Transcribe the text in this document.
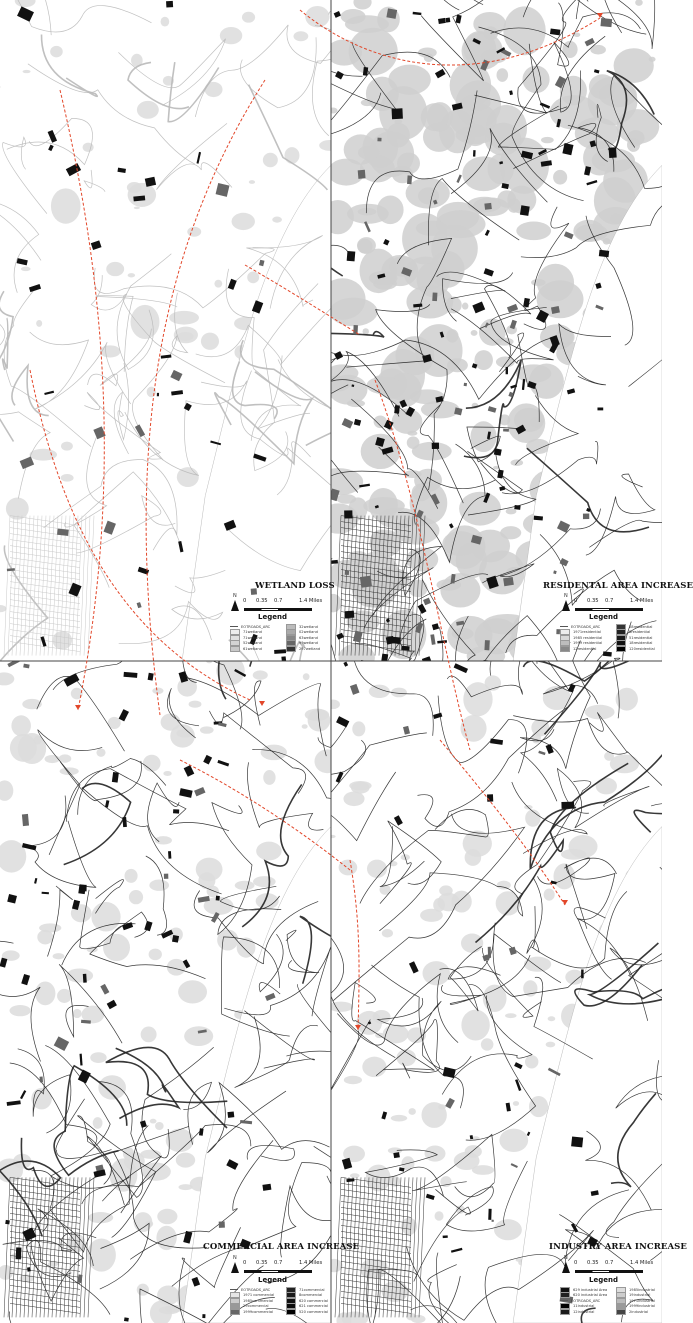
WETLAND LOSS
N
0 0.35 0.7	1.4 Miles
Legend
EOTROADS_ARC
71wetland
71wetland
52wetland
61wetland
32wetland
02wetland
63wetland
99wetland
297wetland
RESIDENTAL AREA INCREASE
N
0 0.35 0.7	1.4 Miles
Legend
EOTROADS_ARC
1971residential
1985 residential
1999 residential
12residential
28residential
8residential
51residential
18residential
120residential
COMMERCIAL AREA INCREASE
N
0 0.35 0.7	1.4 Miles
Legend
EOTROADS_ARC
1971 commercial
1985commercial
29commercial
1999commercial
71commercial
8commercial
620 commercial
621 commercial
520 commercial
INDUSTRY AREA INCREASE
N
0 0.35 0.7	1.4 Miles
Legend
629 industrial Area
620 industrial Area
EOTROADS_ARC
11industrial
12industrial
1985industrial
19industrial
1971industrial
1999industrial
2industrial
